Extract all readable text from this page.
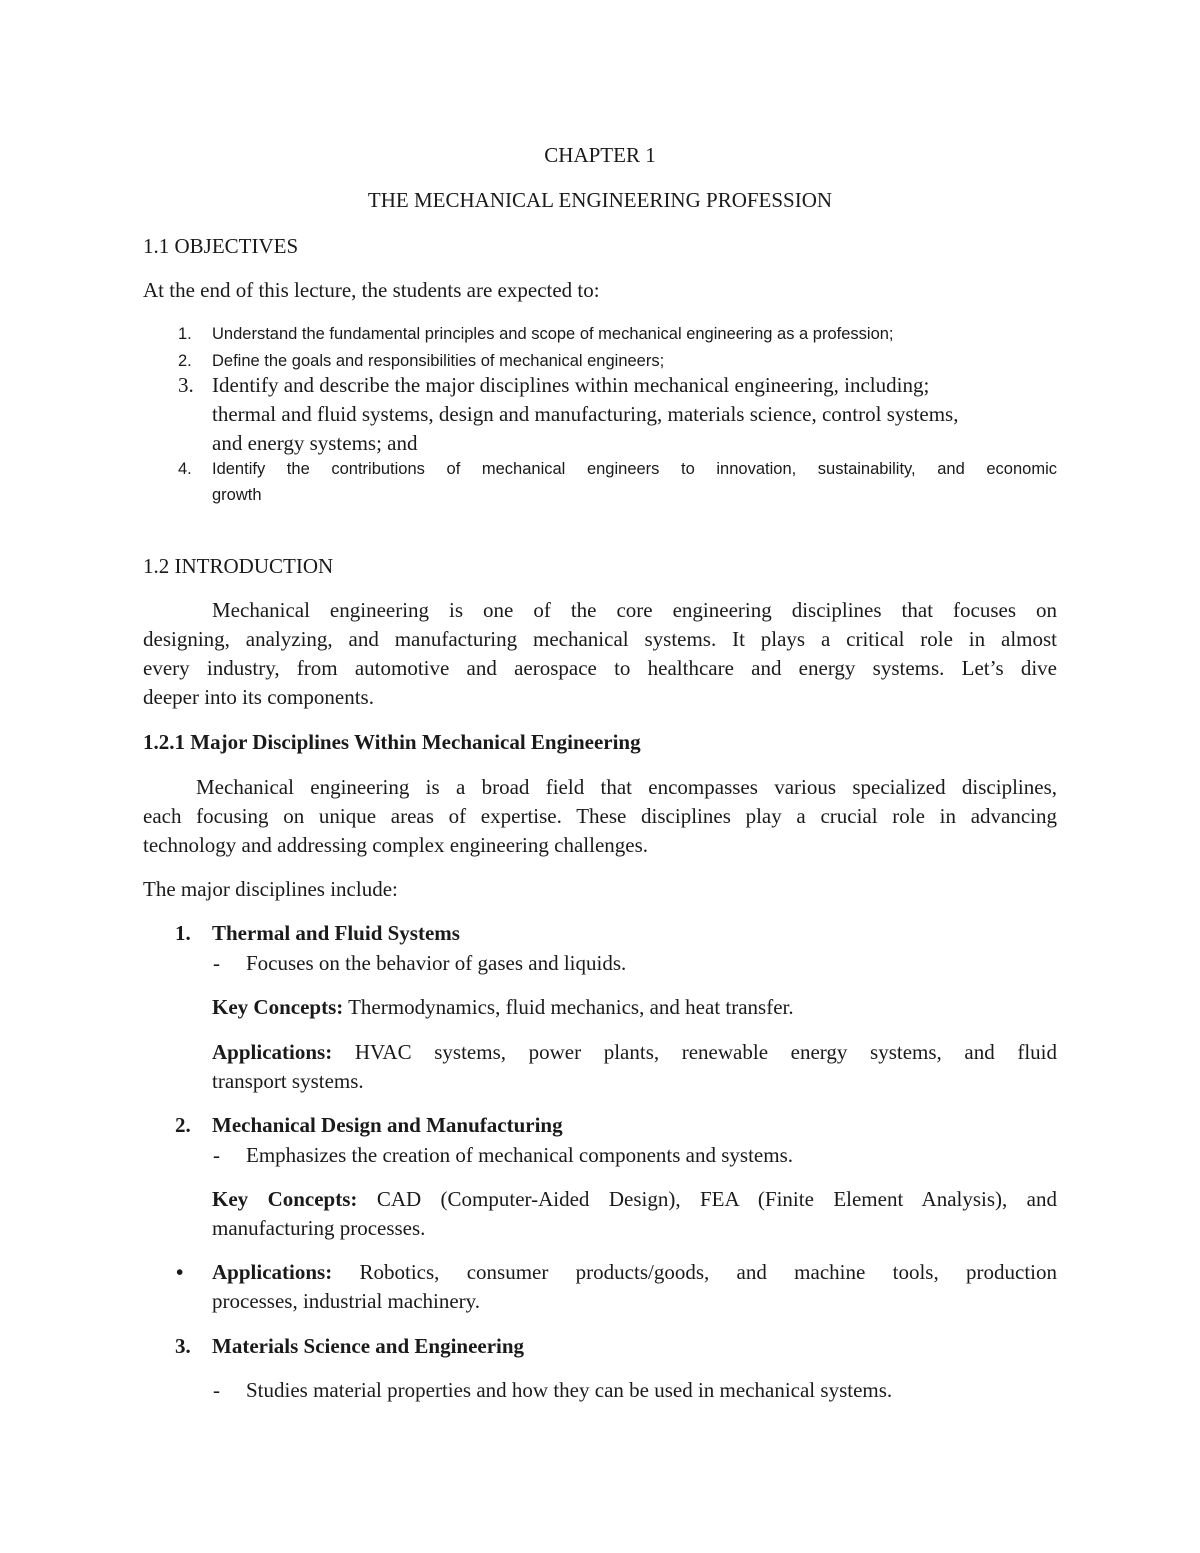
CHAPTER 1
THE MECHANICAL ENGINEERING PROFESSION
1.1 OBJECTIVES
At the end of this lecture, the students are expected to:
1. Understand the fundamental principles and scope of mechanical engineering as a profession;
2. Define the goals and responsibilities of mechanical engineers;
3. Identify and describe the major disciplines within mechanical engineering, including;
thermal and fluid systems, design and manufacturing, materials science, control systems,
and energy systems; and
4. Identify the contributions of mechanical engineers to innovation, sustainability, and economic
growth
1.2 INTRODUCTION
Mechanical engineering is one of the core engineering disciplines that focuses on
designing, analyzing, and manufacturing mechanical systems. It plays a critical role in almost
every industry, from automotive and aerospace to healthcare and energy systems. Let’s dive
deeper into its components.
1.2.1 Major Disciplines Within Mechanical Engineering
Mechanical engineering is a broad field that encompasses various specialized disciplines,
each focusing on unique areas of expertise. These disciplines play a crucial role in advancing
technology and addressing complex engineering challenges.
The major disciplines include:
1. Thermal and Fluid Systems
- Focuses on the behavior of gases and liquids.
Key Concepts: Thermodynamics, fluid mechanics, and heat transfer.
Applications: HVAC systems, power plants, renewable energy systems, and fluid
transport systems.
2. Mechanical Design and Manufacturing
- Emphasizes the creation of mechanical components and systems.
Key Concepts: CAD (Computer-Aided Design), FEA (Finite Element Analysis), and
manufacturing processes.
• Applications: Robotics, consumer products/goods, and machine tools, production
processes, industrial machinery.
3. Materials Science and Engineering
- Studies material properties and how they can be used in mechanical systems.
